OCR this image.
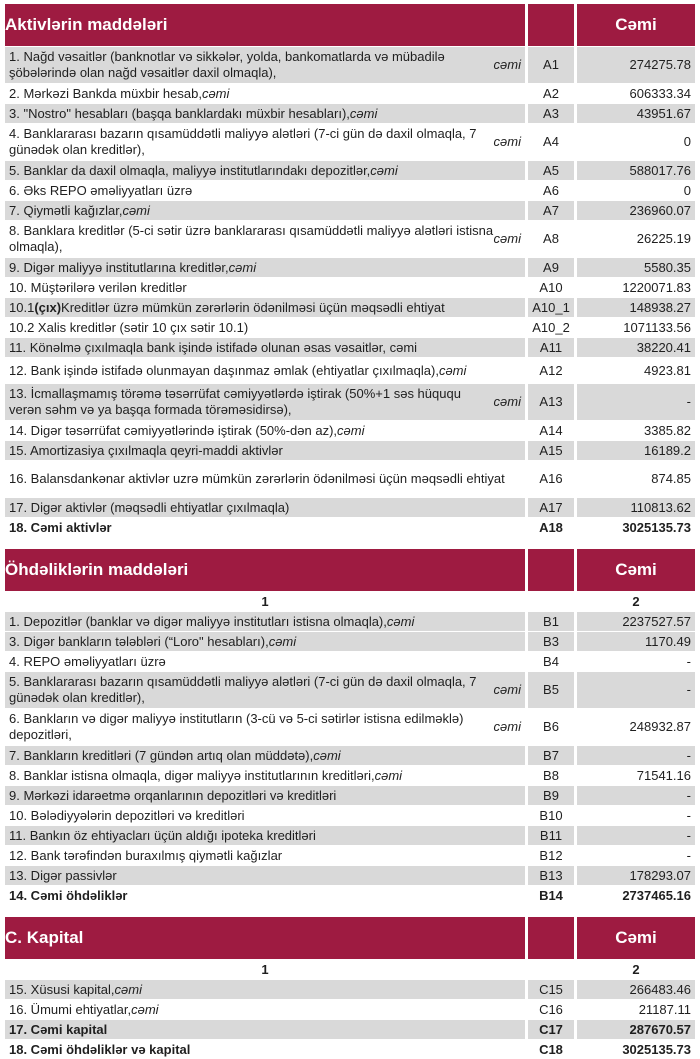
Aktivlərin maddələri	Cəmi
1. Nağd vəsaitlər (banknotlar və sikkələr, yolda, bankomatlarda və mübadilə şöbələrində olan nağd vəsaitlər daxil olmaqla),
cəmi	A1	274275.78
2. Mərkəzi Bankda müxbir hesab, cəmi	A2	606333.34
3. "Nostro" hesabları (başqa banklardakı müxbir hesabları), cəmi	A3	43951.67
4. Banklararası bazarın qısamüddətli maliyyə alətləri (7-ci gün də daxil olmaqla, 7 günədək olan kreditlər),
cəmi	A4	0
5. Banklar da daxil olmaqla, maliyyə institutlarındakı depozitlər, cəmi	A5	588017.76
6. Əks REPO əməliyyatları üzrə	A6	0
7. Qiymətli kağızlar, cəmi	A7	236960.07
8. Banklara kreditlər (5-ci sətir üzrə banklararası qısamüddətli maliyyə alətləri istisna olmaqla),
cəmi	A8	26225.19
9. Digər maliyyə institutlarına kreditlər, cəmi	A9	5580.35
10. Müştərilərə verilən kreditlər	A10	1220071.83
10.1 (çıx) Kreditlər üzrə mümkün zərərlərin ödənilməsi üçün məqsədli ehtiyat	A10_1	148938.27
10.2 Xalis kreditlər (sətir 10 çıx sətir 10.1)	A10_2	1071133.56
11. Könəlmə çıxılmaqla bank işində istifadə olunan əsas vəsaitlər, cəmi	A11	38220.41
12. Bank işində istifadə olunmayan daşınmaz əmlak (ehtiyatlar çıxılmaqla), cəmi	A12	4923.81
13. İcmallaşmamış törəmə təsərrüfat cəmiyyətlərdə iştirak (50%+1 səs hüququ verən səhm və ya başqa formada törəməsidirsə),
cəmi	A13	-
14. Digər təsərrüfat cəmiyyətlərində iştirak (50%-dən az), cəmi	A14	3385.82
15. Amortizasiya çıxılmaqla qeyri-maddi aktivlər	A15	16189.2
16. Balansdankənar aktivlər uzrə mümkün zərərlərin ödənilməsi üçün məqsədli ehtiyat	A16	874.85
17. Digər aktivlər (məqsədli ehtiyatlar çıxılmaqla)	A17	110813.62
18. Cəmi aktivlər	A18	3025135.73
Öhdəliklərin maddələri	Cəmi
1	2
1. Depozitlər (banklar və digər maliyyə institutları istisna olmaqla), cəmi	B1	2237527.57
3. Digər bankların tələbləri (“Loro" hesabları), cəmi	B3	1170.49
4. REPO əməliyyatları üzrə	B4	-
5. Banklararası bazarın qısamüddətli maliyyə alətləri (7-ci gün də daxil olmaqla, 7 günədək olan kreditlər),
cəmi	B5	-
6. Bankların və digər maliyyə institutların (3-cü və 5-ci sətirlər istisna edilməklə) depozitləri,
cəmi	B6	248932.87
7. Bankların kreditləri (7 gündən artıq olan müddətə), cəmi	B7	-
8. Banklar istisna olmaqla, digər maliyyə institutlarının kreditləri, cəmi	B8	71541.16
9. Mərkəzi idarəetmə orqanlarının depozitləri və kreditləri	B9	-
10. Bələdiyyələrin depozitləri və kreditləri	B10	-
11. Bankın öz ehtiyacları üçün aldığı ipoteka kreditləri	B11	-
12. Bank tərəfindən buraxılmış qiymətli kağızlar	B12	-
13. Digər passivlər	B13	178293.07
14. Cəmi öhdəliklər	B14	2737465.16
C. Kapital	Cəmi
1	2
15. Xüsusi kapital, cəmi	C15	266483.46
16. Ümumi ehtiyatlar, cəmi	C16	21187.11
17. Cəmi kapital	C17	287670.57
18. Cəmi öhdəliklər və kapital	C18	3025135.73
